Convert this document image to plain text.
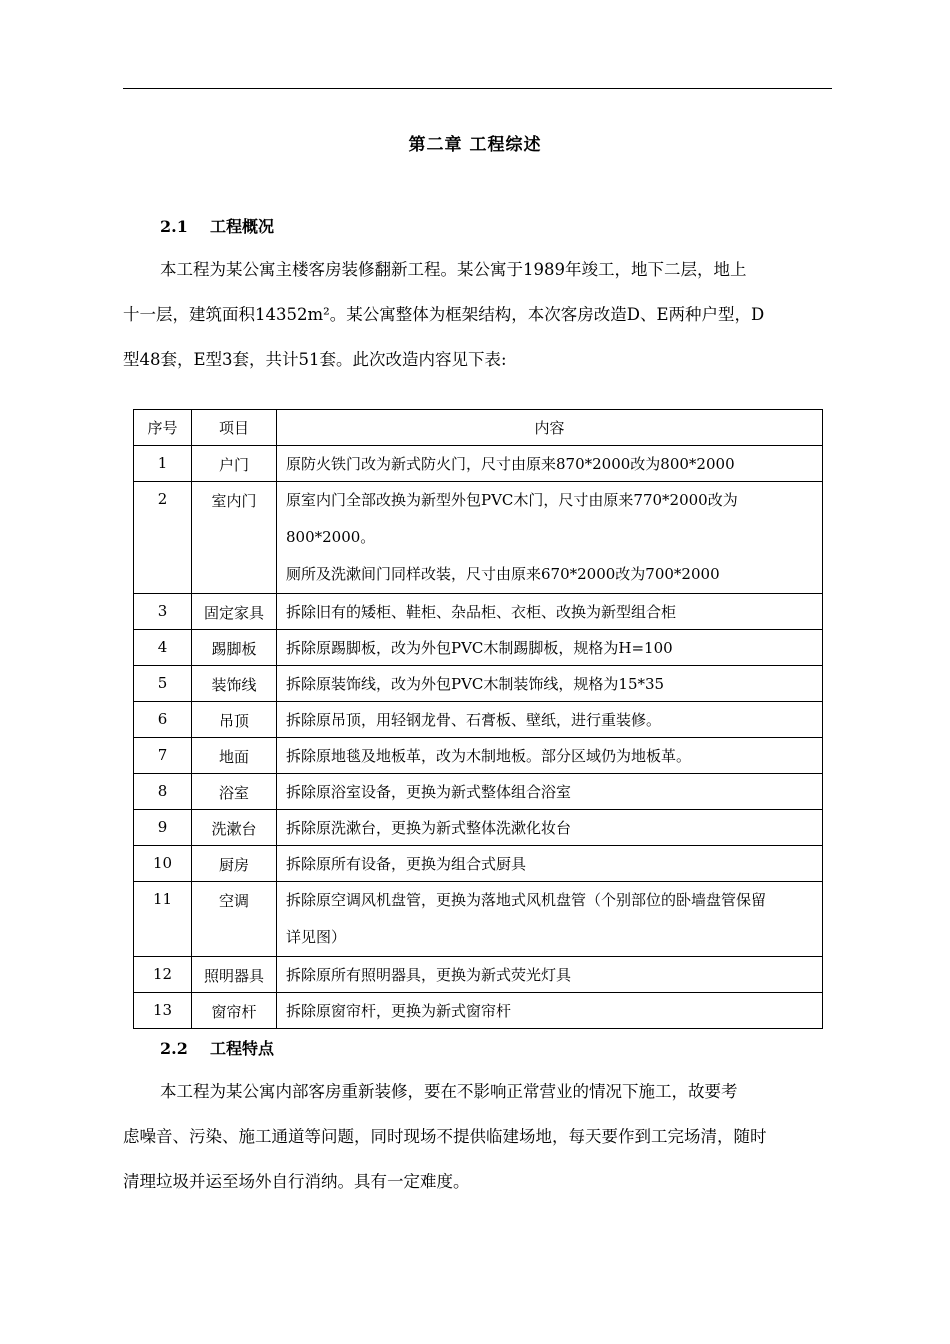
第二章 工程综述
2.1 工程概况
本工程为某公寓主楼客房装修翻新工程。某公寓于1989年竣工，地下二层，地上
十一层，建筑面积14352m²。某公寓整体为框架结构，本次客房改造D、E两种户型，D
型48套，E型3套，共计51套。此次改造内容见下表:
序号	项目	内容
1	户门	原防火铁门改为新式防火门，尺寸由原来870*2000改为800*2000
2	室内门	原室内门全部改换为新型外包PVC木门，尺寸由原来770*2000改为
800*2000。
厕所及洗漱间门同样改装，尺寸由原来670*2000改为700*2000

3	固定家具	拆除旧有的矮柜、鞋柜、杂品柜、衣柜、改换为新型组合柜
4	踢脚板	拆除原踢脚板，改为外包PVC木制踢脚板，规格为H=100
5	装饰线	拆除原装饰线，改为外包PVC木制装饰线，规格为15*35
6	吊顶	拆除原吊顶，用轻钢龙骨、石膏板、壁纸，进行重装修。
7	地面	拆除原地毯及地板革，改为木制地板。部分区域仍为地板革。
8	浴室	拆除原浴室设备，更换为新式整体组合浴室
9	洗漱台	拆除原洗漱台，更换为新式整体洗漱化妆台
10	厨房	拆除原所有设备，更换为组合式厨具
11	空调	拆除原空调风机盘管，更换为落地式风机盘管（个别部位的卧墙盘管保留
详见图）

12	照明器具	拆除原所有照明器具，更换为新式荧光灯具
13	窗帘杆	拆除原窗帘杆，更换为新式窗帘杆
2.2 工程特点
本工程为某公寓内部客房重新装修，要在不影响正常营业的情况下施工，故要考
虑噪音、污染、施工通道等问题，同时现场不提供临建场地，每天要作到工完场清，随时
清理垃圾并运至场外自行消纳。具有一定难度。
